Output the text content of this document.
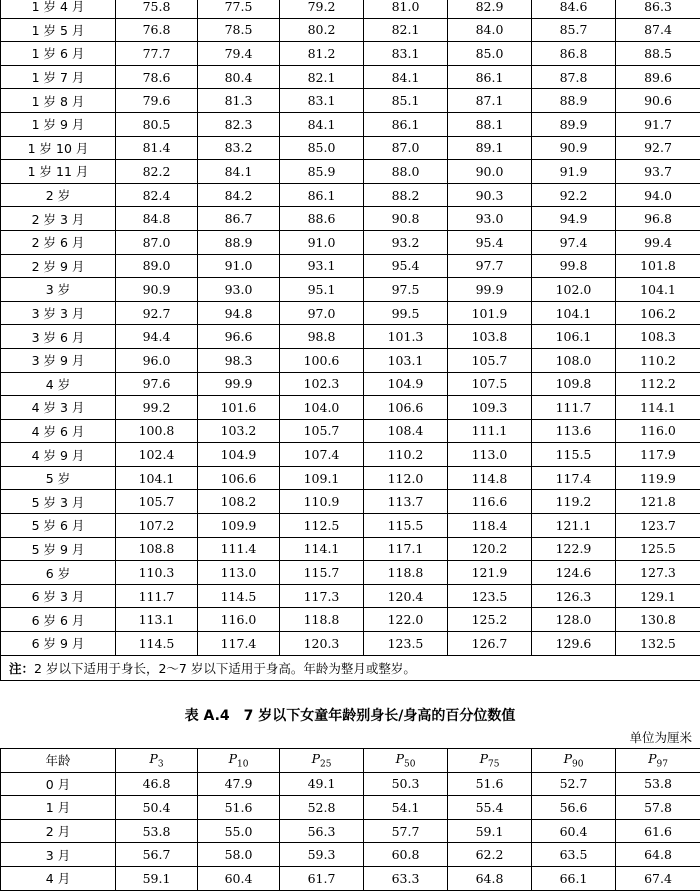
1 岁 4 月	75.8	77.5	79.2	81.0	82.9	84.6	86.3
1 岁 5 月	76.8	78.5	80.2	82.1	84.0	85.7	87.4
1 岁 6 月	77.7	79.4	81.2	83.1	85.0	86.8	88.5
1 岁 7 月	78.6	80.4	82.1	84.1	86.1	87.8	89.6
1 岁 8 月	79.6	81.3	83.1	85.1	87.1	88.9	90.6
1 岁 9 月	80.5	82.3	84.1	86.1	88.1	89.9	91.7
1 岁 10 月	81.4	83.2	85.0	87.0	89.1	90.9	92.7
1 岁 11 月	82.2	84.1	85.9	88.0	90.0	91.9	93.7
2 岁	82.4	84.2	86.1	88.2	90.3	92.2	94.0
2 岁 3 月	84.8	86.7	88.6	90.8	93.0	94.9	96.8
2 岁 6 月	87.0	88.9	91.0	93.2	95.4	97.4	99.4
2 岁 9 月	89.0	91.0	93.1	95.4	97.7	99.8	101.8
3 岁	90.9	93.0	95.1	97.5	99.9	102.0	104.1
3 岁 3 月	92.7	94.8	97.0	99.5	101.9	104.1	106.2
3 岁 6 月	94.4	96.6	98.8	101.3	103.8	106.1	108.3
3 岁 9 月	96.0	98.3	100.6	103.1	105.7	108.0	110.2
4 岁	97.6	99.9	102.3	104.9	107.5	109.8	112.2
4 岁 3 月	99.2	101.6	104.0	106.6	109.3	111.7	114.1
4 岁 6 月	100.8	103.2	105.7	108.4	111.1	113.6	116.0
4 岁 9 月	102.4	104.9	107.4	110.2	113.0	115.5	117.9
5 岁	104.1	106.6	109.1	112.0	114.8	117.4	119.9
5 岁 3 月	105.7	108.2	110.9	113.7	116.6	119.2	121.8
5 岁 6 月	107.2	109.9	112.5	115.5	118.4	121.1	123.7
5 岁 9 月	108.8	111.4	114.1	117.1	120.2	122.9	125.5
6 岁	110.3	113.0	115.7	118.8	121.9	124.6	127.3
6 岁 3 月	111.7	114.5	117.3	120.4	123.5	126.3	129.1
6 岁 6 月	113.1	116.0	118.8	122.0	125.2	128.0	130.8
6 岁 9 月	114.5	117.4	120.3	123.5	126.7	129.6	132.5
注：2 岁以下适用于身长，2〜7 岁以下适用于身高。年龄为整月或整岁。							
表 A.4　7 岁以下女童年龄别身长/身高的百分位数值
单位为厘米
年龄	$P_3$	$P_{10}$	$P_{25}$	$P_{50}$	$P_{75}$	$P_{90}$	$P_{97}$
0 月	46.8	47.9	49.1	50.3	51.6	52.7	53.8
1 月	50.4	51.6	52.8	54.1	55.4	56.6	57.8
2 月	53.8	55.0	56.3	57.7	59.1	60.4	61.6
3 月	56.7	58.0	59.3	60.8	62.2	63.5	64.8
4 月	59.1	60.4	61.7	63.3	64.8	66.1	67.4
